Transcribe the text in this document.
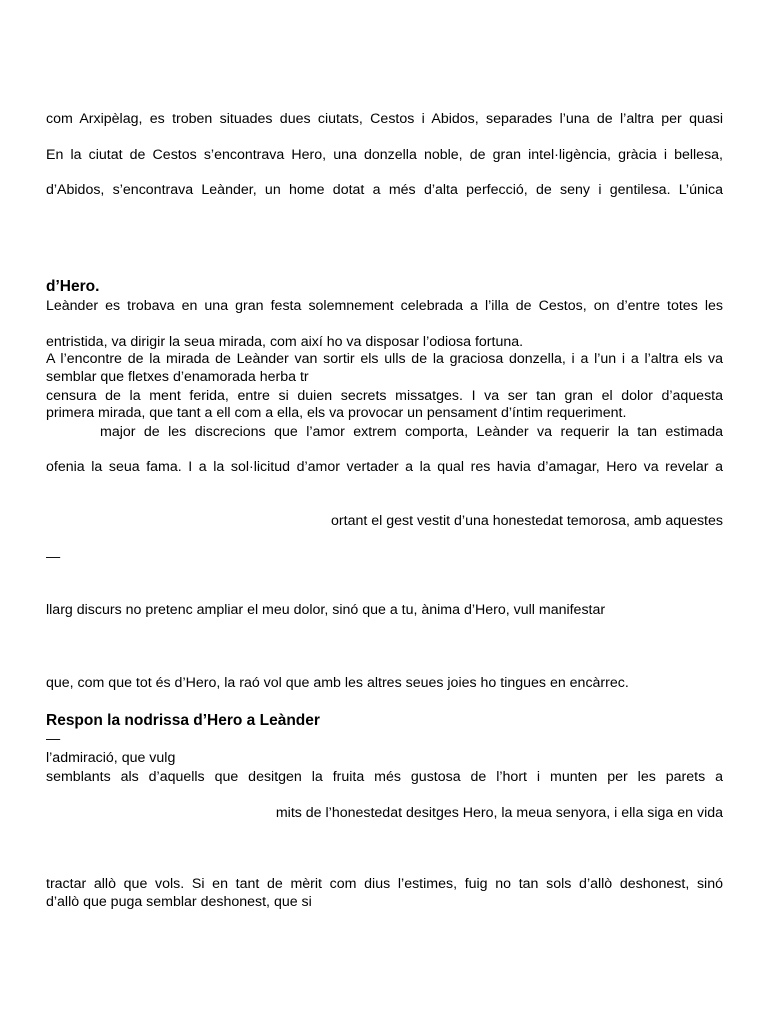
com Arxipèlag, es troben situades dues ciutats, Cestos i Abidos, separades l’una de l’altra per quasi
En la ciutat de Cestos s’encontrava Hero, una donzella noble, de gran intel·ligència, gràcia i bellesa,
d’Abidos, s’encontrava Leànder, un home dotat a més d’alta perfecció, de seny i gentilesa. L’única
d’Hero.
Leànder es trobava en una gran festa solemnement celebrada a l’illa de Cestos, on d’entre totes les
entristida, va dirigir la seua mirada, com així ho va disposar l’odiosa fortuna.
A l’encontre de la mirada de Leànder van sortir els ulls de la graciosa donzella, i a l’un i a l’altra els va
semblar que fletxes d’enamorada herba tr
censura de la ment ferida, entre si duien secrets missatges. I va ser tan gran el dolor d’aquesta
primera mirada, que tant a ell com a ella, els va provocar un pensament d’íntim requeriment.
major de les discrecions que l’amor extrem comporta, Leànder va requerir la tan estimada
ofenia la seua fama. I a la sol·licitud d’amor vertader a la qual res havia d’amagar, Hero va revelar a
ortant el gest vestit d’una honestedat temorosa, amb aquestes
—
llarg discurs no pretenc ampliar el meu dolor, sinó que a tu, ànima d’Hero, vull manifestar
que, com que tot és d’Hero, la raó vol que amb les altres seues joies ho tingues en encàrrec.
Respon la nodrissa d’Hero a Leànder
—
l’admiració, que vulg
semblants als d’aquells que desitgen la fruita més gustosa de l’hort i munten per les parets a
mits de l’honestedat desitges Hero, la meua senyora, i ella siga en vida
tractar allò que vols. Si en tant de mèrit com dius l’estimes, fuig no tan sols d’allò deshonest, sinó
d’allò que puga semblar deshonest, que si
